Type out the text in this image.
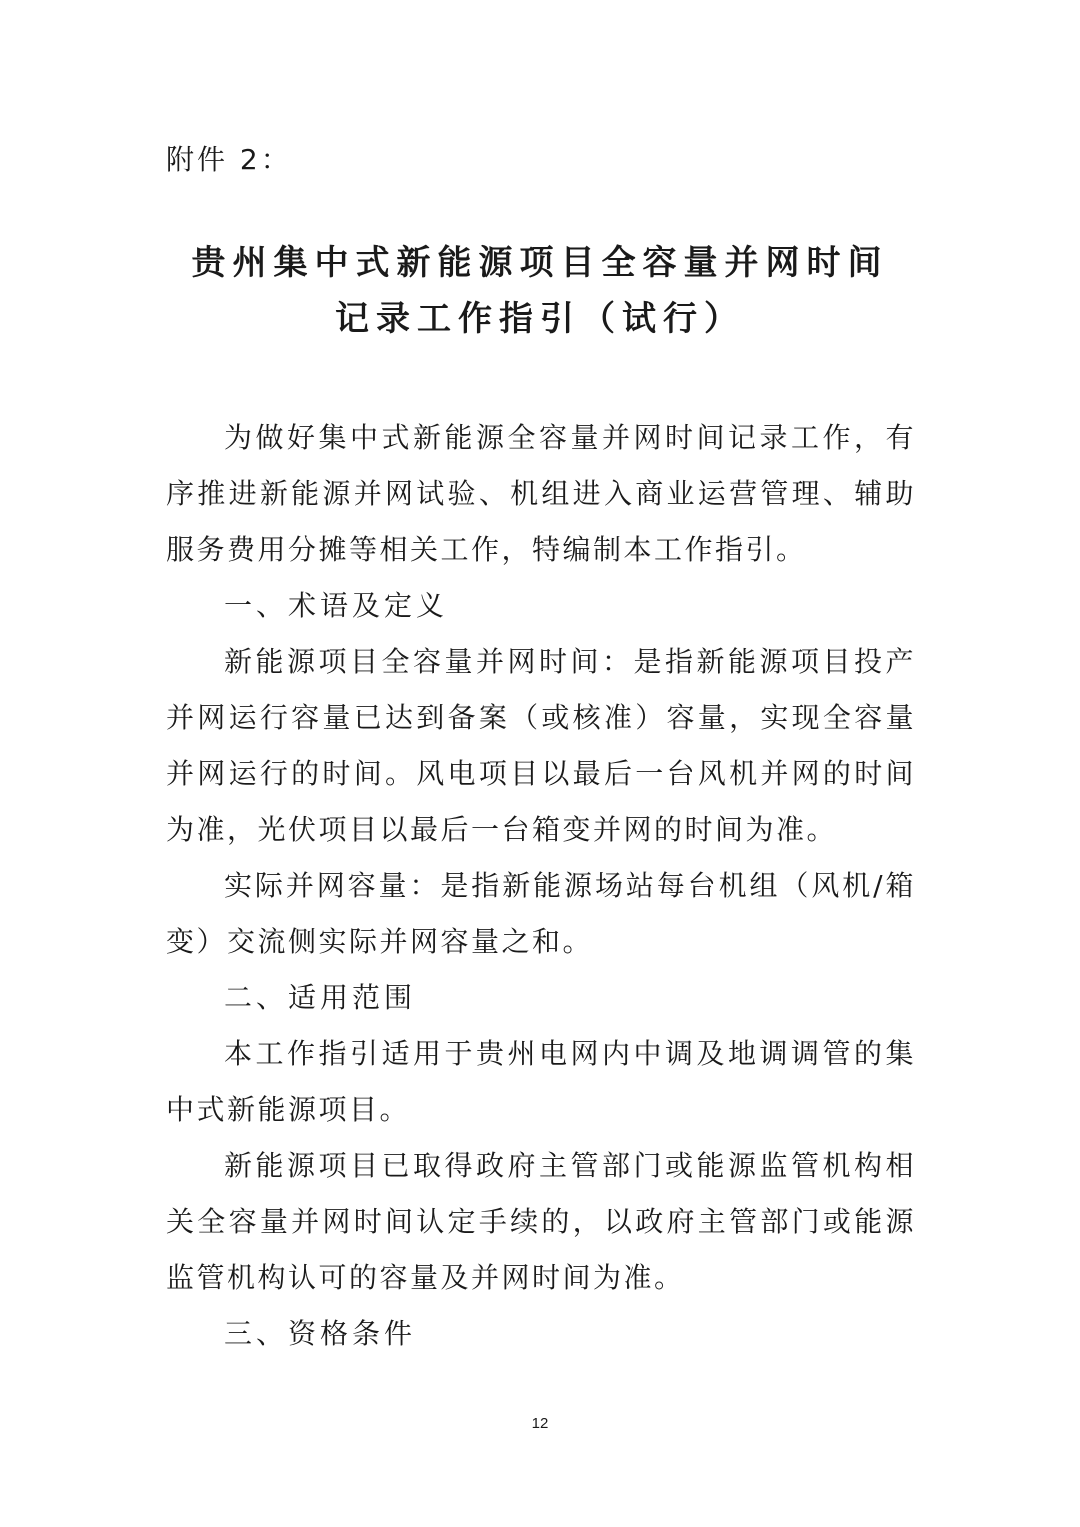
附件 2：
贵州集中式新能源项目全容量并网时间
记录工作指引（试行）

为做好集中式新能源全容量并网时间记录工作，有序推进新能源并网试验、机组进入商业运营管理、辅助服务费用分摊等相关工作，特编制本工作指引。

一、术语及定义

新能源项目全容量并网时间：是指新能源项目投产并网运行容量已达到备案（或核准）容量，实现全容量并网运行的时间。风电项目以最后一台风机并网的时间为准，光伏项目以最后一台箱变并网的时间为准。

实际并网容量：是指新能源场站每台机组（风机/箱变）交流侧实际并网容量之和。

二、适用范围

本工作指引适用于贵州电网内中调及地调调管的集中式新能源项目。

新能源项目已取得政府主管部门或能源监管机构相关全容量并网时间认定手续的，以政府主管部门或能源监管机构认可的容量及并网时间为准。

三、资格条件

12
